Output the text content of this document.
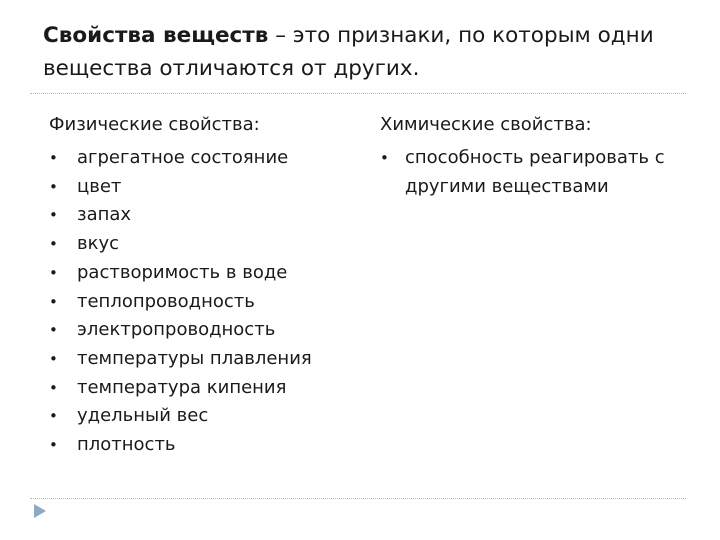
Свойства веществ – это признаки, по которым одни вещества отличаются от других.
Физические свойства:
• агрегатное состояние
• цвет
• запах
• вкус
• растворимость в воде
• теплопроводность
• электропроводность
• температуры плавления
• температура кипения
• удельный вес
• плотность
Химические свойства:
• способность реагировать с другими веществами
